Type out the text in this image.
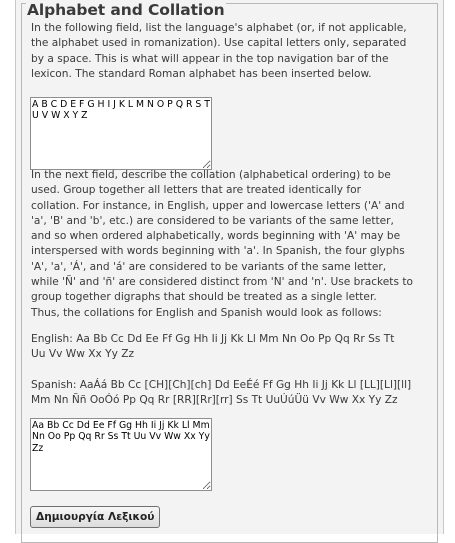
Alphabet and Collation

In the following field, list the language's alphabet (or, if not applicable,
the alphabet used in romanization). Use capital letters only, separated
by a space. This is what will appear in the top navigation bar of the
lexicon. The standard Roman alphabet has been inserted below.

A B C D E F G H I J K L M N O P Q R S T U V W X Y Z

In the next field, describe the collation (alphabetical ordering) to be
used. Group together all letters that are treated identically for
collation. For instance, in English, upper and lowercase letters ('A' and
'a', 'B' and 'b', etc.) are considered to be variants of the same letter,
and so when ordered alphabetically, words beginning with 'A' may be
interspersed with words beginning with 'a'. In Spanish, the four glyphs
'A', 'a', 'Á', and 'á' are considered to be variants of the same letter,
while 'Ñ' and 'ñ' are considered distinct from 'N' and 'n'. Use brackets to
group together digraphs that should be treated as a single letter.
Thus, the collations for English and Spanish would look as follows:

English: Aa Bb Cc Dd Ee Ff Gg Hh Ii Jj Kk Ll Mm Nn Oo Pp Qq Rr Ss Tt
Uu Vv Ww Xx Yy Zz

Spanish: AaÁá Bb Cc [CH][Ch][ch] Dd EeÉé Ff Gg Hh Ii Jj Kk Ll [LL][Ll][ll]
Mm Nn Ññ OoÓó Pp Qq Rr [RR][Rr][rr] Ss Tt UuÚúÜü Vv Ww Xx Yy Zz

Aa Bb Cc Dd Ee Ff Gg Hh Ii Jj Kk Ll Mm Nn Oo Pp Qq Rr Ss Tt Uu Vv Ww Xx Yy Zz
Δημιουργία Λεξικού
